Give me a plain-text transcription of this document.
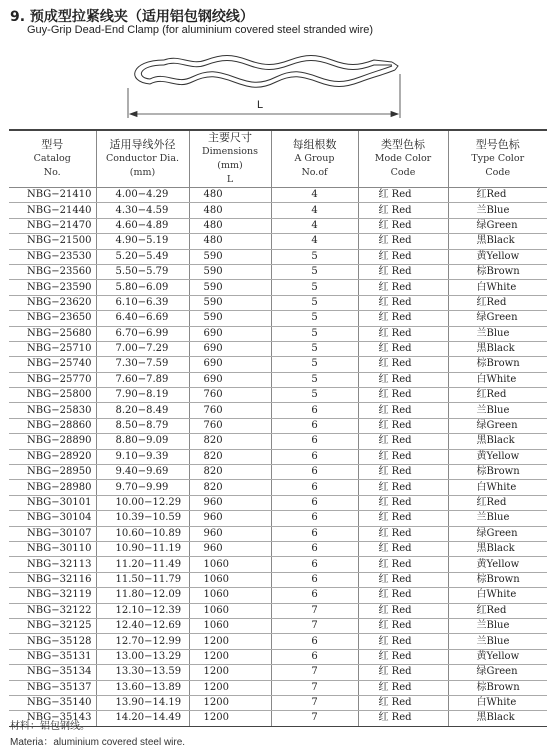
9. 预成型拉紧线夹（适用铝包钢绞线）
Guy-Grip Dead-End Clamp (for aluminium covered steel stranded wire)
L
型号
Catalog
No.	适用导线外径
Conductor Dia.
(mm)	主要尺寸
Dimensions (mm)
L	每组根数
A Group
No.of	类型色标
Mode Color
Code	型号色标
Type Color
Code

NBG−21410	4.00−4.29	480	4	红 Red	红Red
NBG−21440	4.30−4.59	480	4	红 Red	兰Blue
NBG−21470	4.60−4.89	480	4	红 Red	绿Green
NBG−21500	4.90−5.19	480	4	红 Red	黑Black
NBG−23530	5.20−5.49	590	5	红 Red	黄Yellow
NBG−23560	5.50−5.79	590	5	红 Red	棕Brown
NBG−23590	5.80−6.09	590	5	红 Red	白White
NBG−23620	6.10−6.39	590	5	红 Red	红Red
NBG−23650	6.40−6.69	590	5	红 Red	绿Green
NBG−25680	6.70−6.99	690	5	红 Red	兰Blue
NBG−25710	7.00−7.29	690	5	红 Red	黑Black
NBG−25740	7.30−7.59	690	5	红 Red	棕Brown
NBG−25770	7.60−7.89	690	5	红 Red	白White
NBG−25800	7.90−8.19	760	5	红 Red	红Red
NBG−25830	8.20−8.49	760	6	红 Red	兰Blue
NBG−28860	8.50−8.79	760	6	红 Red	绿Green
NBG−28890	8.80−9.09	820	6	红 Red	黑Black
NBG−28920	9.10−9.39	820	6	红 Red	黄Yellow
NBG−28950	9.40−9.69	820	6	红 Red	棕Brown
NBG−28980	9.70−9.99	820	6	红 Red	白White
NBG−30101	10.00−12.29	960	6	红 Red	红Red
NBG−30104	10.39−10.59	960	6	红 Red	兰Blue
NBG−30107	10.60−10.89	960	6	红 Red	绿Green
NBG−30110	10.90−11.19	960	6	红 Red	黑Black
NBG−32113	11.20−11.49	1060	6	红 Red	黄Yellow
NBG−32116	11.50−11.79	1060	6	红 Red	棕Brown
NBG−32119	11.80−12.09	1060	6	红 Red	白White
NBG−32122	12.10−12.39	1060	7	红 Red	红Red
NBG−32125	12.40−12.69	1060	7	红 Red	兰Blue
NBG−35128	12.70−12.99	1200	6	红 Red	兰Blue
NBG−35131	13.00−13.29	1200	6	红 Red	黄Yellow
NBG−35134	13.30−13.59	1200	7	红 Red	绿Green
NBG−35137	13.60−13.89	1200	7	红 Red	棕Brown
NBG−35140	13.90−14.19	1200	7	红 Red	白White
NBG−35143	14.20−14.49	1200	7	红 Red	黑Black
材料：铝包钢线。
Materia：aluminium covered steel wire.
